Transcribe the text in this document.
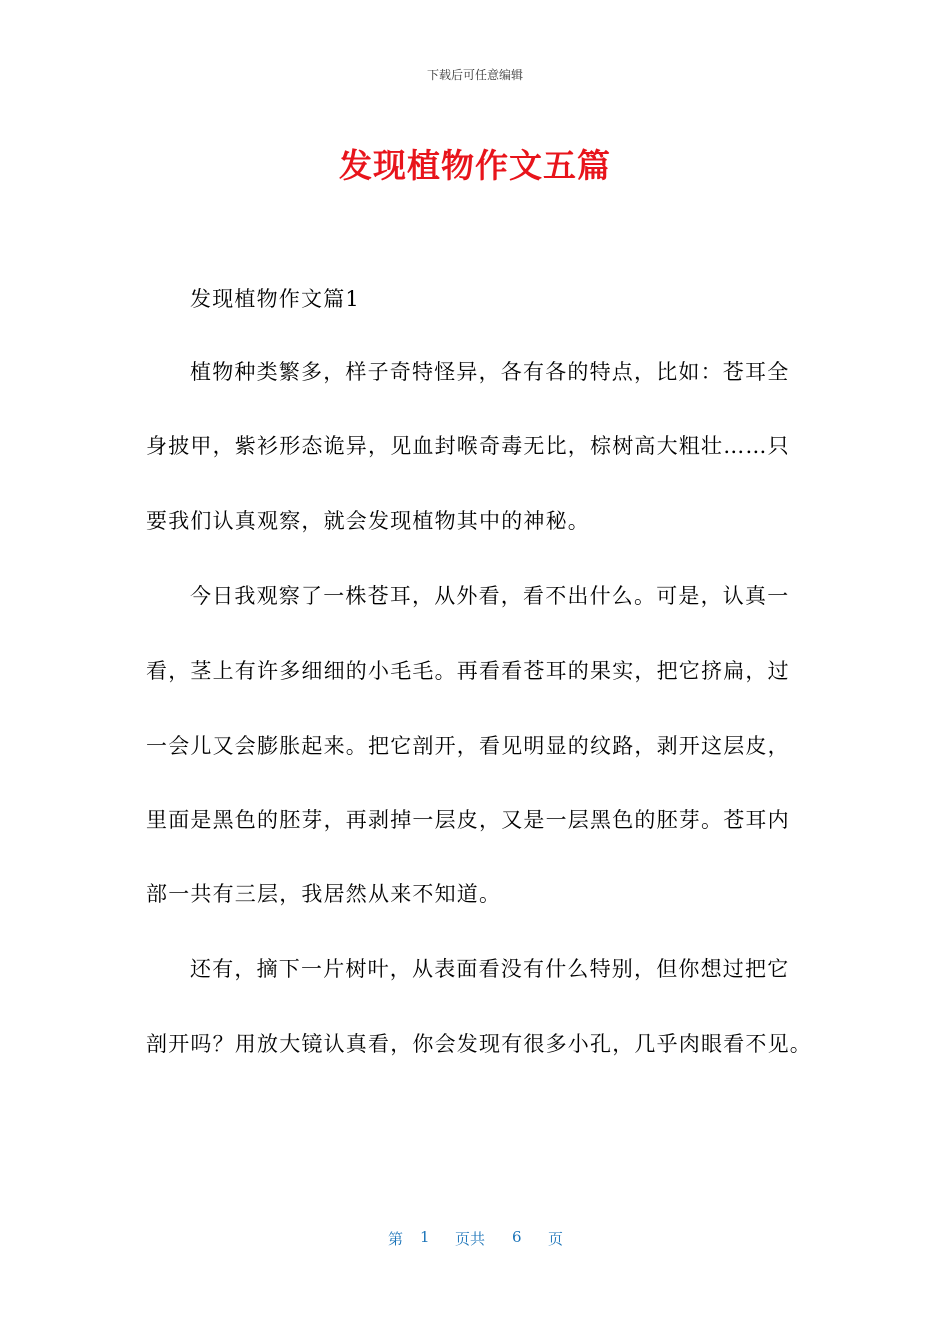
下载后可任意编辑
发现植物作文五篇
发现植物作文篇1
植物种类繁多，样子奇特怪异，各有各的特点，比如：苍耳全
身披甲，紫衫形态诡异，见血封喉奇毒无比，棕树高大粗壮……只
要我们认真观察，就会发现植物其中的神秘。
今日我观察了一株苍耳，从外看，看不出什么。可是，认真一
看，茎上有许多细细的小毛毛。再看看苍耳的果实，把它挤扁，过
一会儿又会膨胀起来。把它剖开，看见明显的纹路，剥开这层皮，
里面是黑色的胚芽，再剥掉一层皮，又是一层黑色的胚芽。苍耳内
部一共有三层，我居然从来不知道。
还有，摘下一片树叶，从表面看没有什么特别，但你想过把它
剖开吗？用放大镜认真看，你会发现有很多小孔，几乎肉眼看不见。
第 1 页共 6 页
